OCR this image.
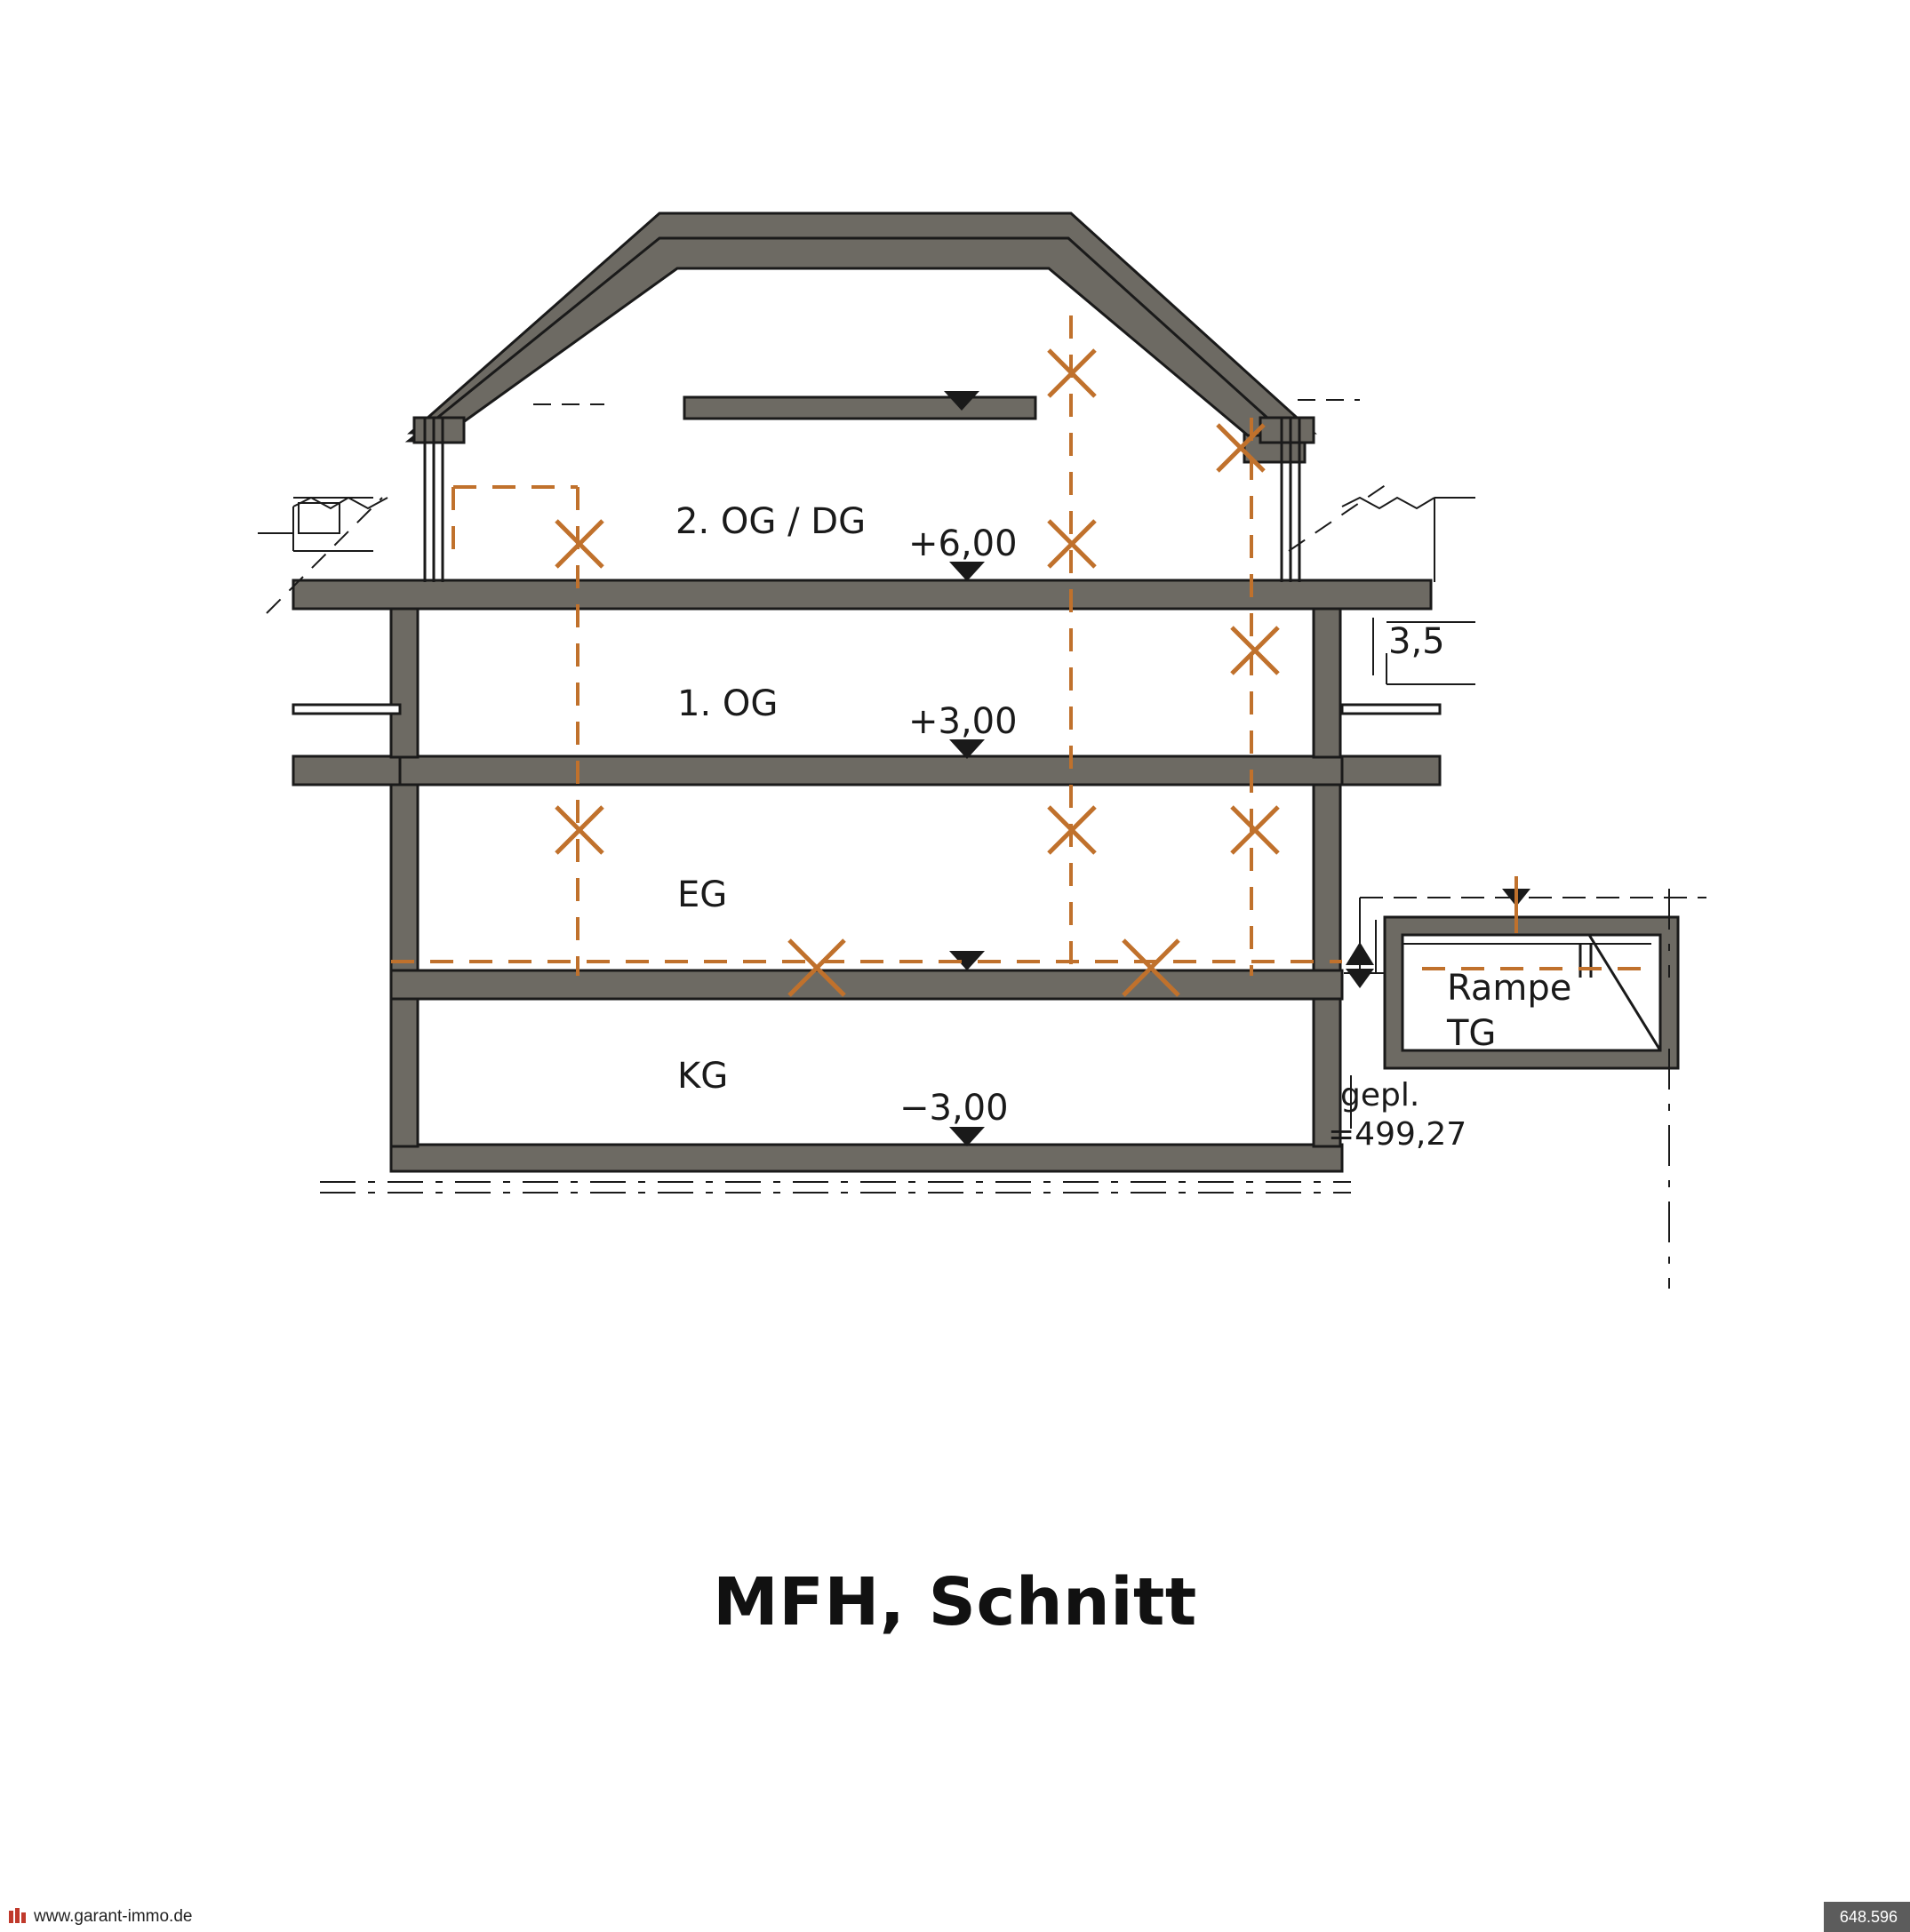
2. OG / DG
1. OG
EG
KG
+6,00
+3,00
−3,00
3,5
Rampe
TG
gepl.
=499,27
MFH, Schnitt
www.garant-immo.de	648.596
